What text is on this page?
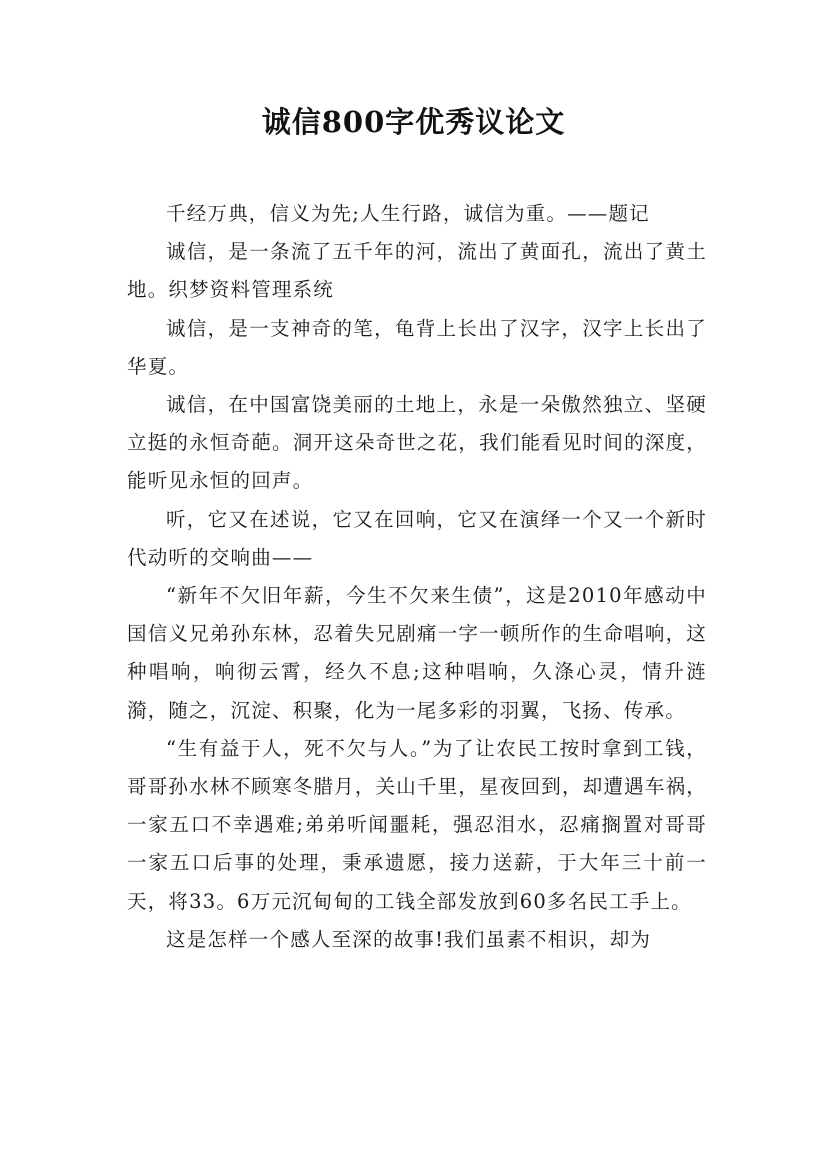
诚信800字优秀议论文

千经万典，信义为先;人生行路，诚信为重。——题记

诚信，是一条流了五千年的河，流出了黄面孔，流出了黄土地。织梦资料管理系统

诚信，是一支神奇的笔，龟背上长出了汉字，汉字上长出了华夏。

诚信，在中国富饶美丽的土地上，永是一朵傲然独立、坚硬立挺的永恒奇葩。洞开这朵奇世之花，我们能看见时间的深度，能听见永恒的回声。

听，它又在述说，它又在回响，它又在演绎一个又一个新时代动听的交响曲——

“新年不欠旧年薪，今生不欠来生债”，这是2010年感动中国信义兄弟孙东林，忍着失兄剧痛一字一顿所作的生命唱响，这种唱响，响彻云霄，经久不息;这种唱响，久涤心灵，情升涟漪，随之，沉淀、积聚，化为一尾多彩的羽翼，飞扬、传承。

“生有益于人，死不欠与人。”为了让农民工按时拿到工钱，哥哥孙水林不顾寒冬腊月，关山千里，星夜回到，却遭遇车祸，一家五口不幸遇难;弟弟听闻噩耗，强忍泪水，忍痛搁置对哥哥一家五口后事的处理，秉承遗愿，接力送薪，于大年三十前一天，将33。6万元沉甸甸的工钱全部发放到60多名民工手上。

这是怎样一个感人至深的故事!我们虽素不相识，却为
